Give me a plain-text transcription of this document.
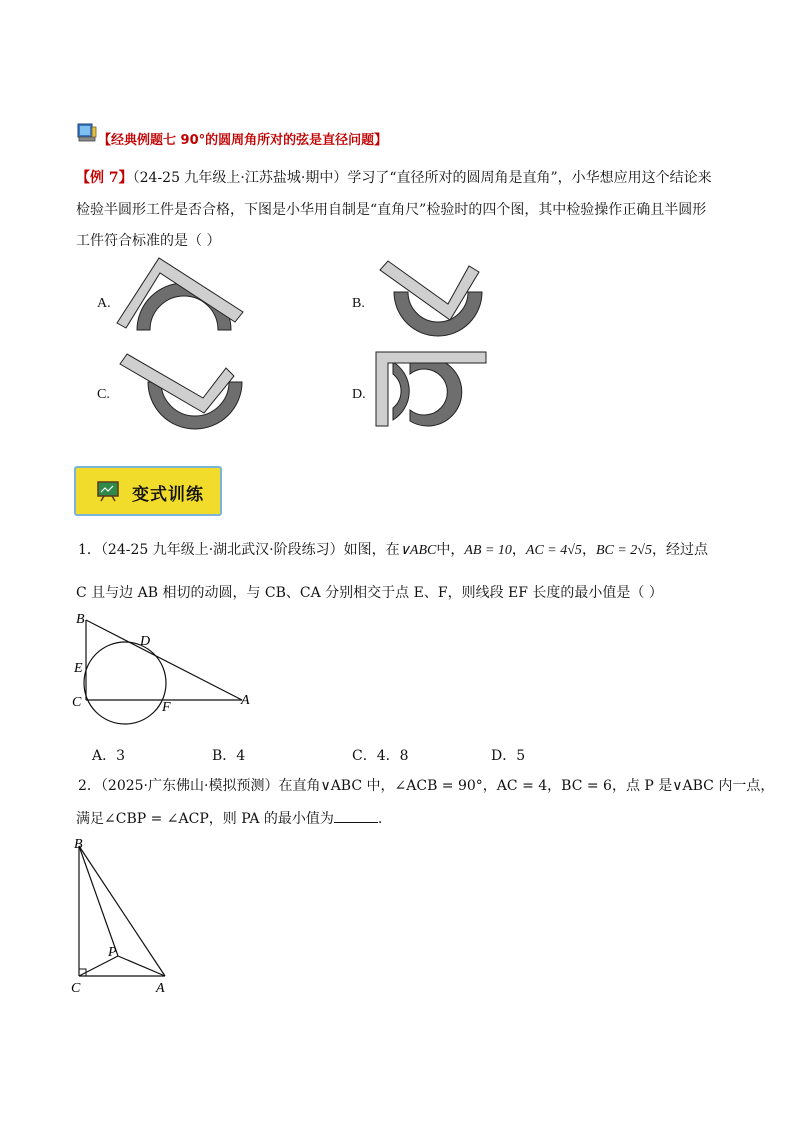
【经典例题七 90°的圆周角所对的弦是直径问题】
【例 7】（24-25 九年级上·江苏盐城·期中）学习了“直径所对的圆周角是直角”，小华想应用这个结论来
检验半圆形工件是否合格，下图是小华用自制是“直角尺”检验时的四个图，其中检验操作正确且半圆形
工件符合标准的是（ ）
A.	B.
C.	D.
变式训练
1．（24-25 九年级上·湖北武汉·阶段练习）如图，在∨ABC中，AB = 10，AC = 4√5，BC = 2√5，经过点
C 且与边 AB 相切的动圆，与 CB、CA 分别相交于点 E、F，则线段 EF 长度的最小值是（ ）
B
D
E
C	F	A
A．3	B．4	C．4．8	D．5
2．（2025·广东佛山·模拟预测）在直角∨ABC 中，∠ACB = 90°，AC = 4，BC = 6，点 P 是∨ABC 内一点，
满足∠CBP = ∠ACP，则 PA 的最小值为	.
B
P
C	A
